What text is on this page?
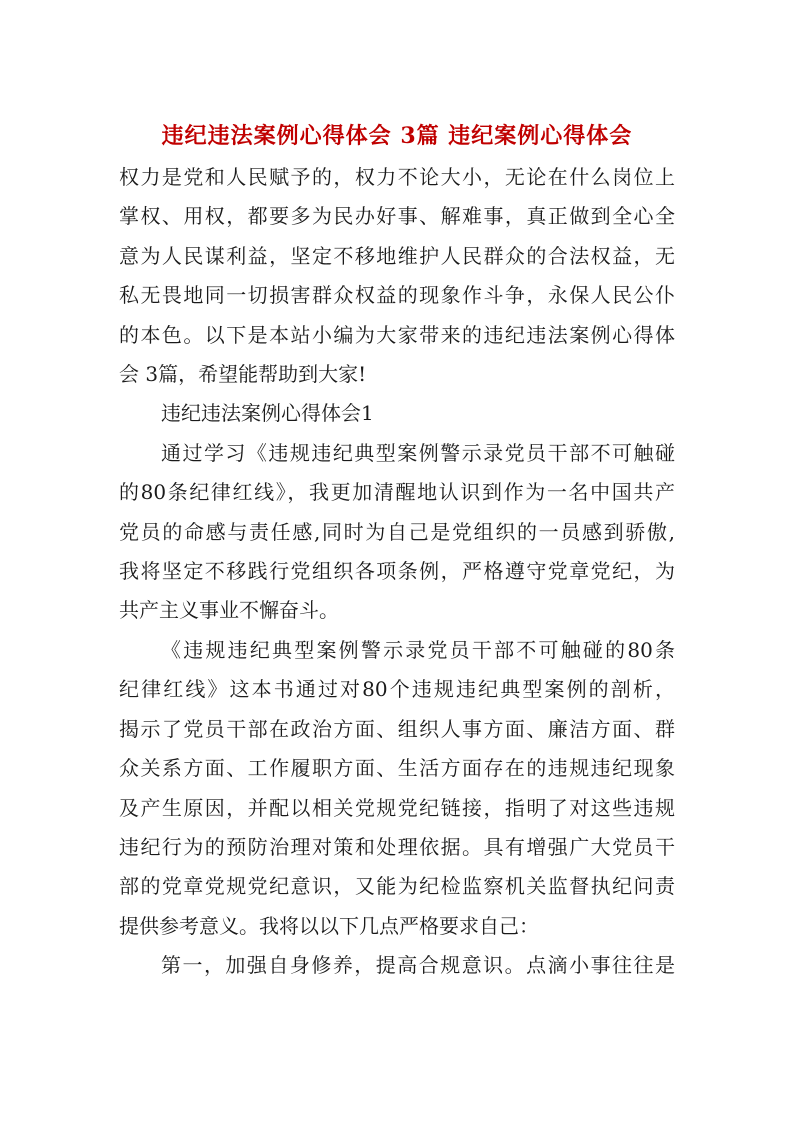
违纪违法案例心得体会 3篇 违纪案例心得体会

权力是党和人民赋予的，权力不论大小，无论在什么岗位上
掌权、用权，都要多为民办好事、解难事，真正做到全心全
意为人民谋利益，坚定不移地维护人民群众的合法权益，无
私无畏地同一切损害群众权益的现象作斗争，永保人民公仆
的本色。以下是本站小编为大家带来的违纪违法案例心得体
会 3篇，希望能帮助到大家!

违纪违法案例心得体会1

通过学习《违规违纪典型案例警示录党员干部不可触碰
的80条纪律红线》，我更加清醒地认识到作为一名中国共产
党员的命感与责任感,同时为自己是党组织的一员感到骄傲,
我将坚定不移践行党组织各项条例，严格遵守党章党纪，为
共产主义事业不懈奋斗。

《违规违纪典型案例警示录党员干部不可触碰的80条
纪律红线》这本书通过对80个违规违纪典型案例的剖析，
揭示了党员干部在政治方面、组织人事方面、廉洁方面、群
众关系方面、工作履职方面、生活方面存在的违规违纪现象
及产生原因，并配以相关党规党纪链接，指明了对这些违规
违纪行为的预防治理对策和处理依据。具有增强广大党员干
部的党章党规党纪意识，又能为纪检监察机关监督执纪问责
提供参考意义。我将以以下几点严格要求自己：

第一，加强自身修养，提高合规意识。点滴小事往往是
